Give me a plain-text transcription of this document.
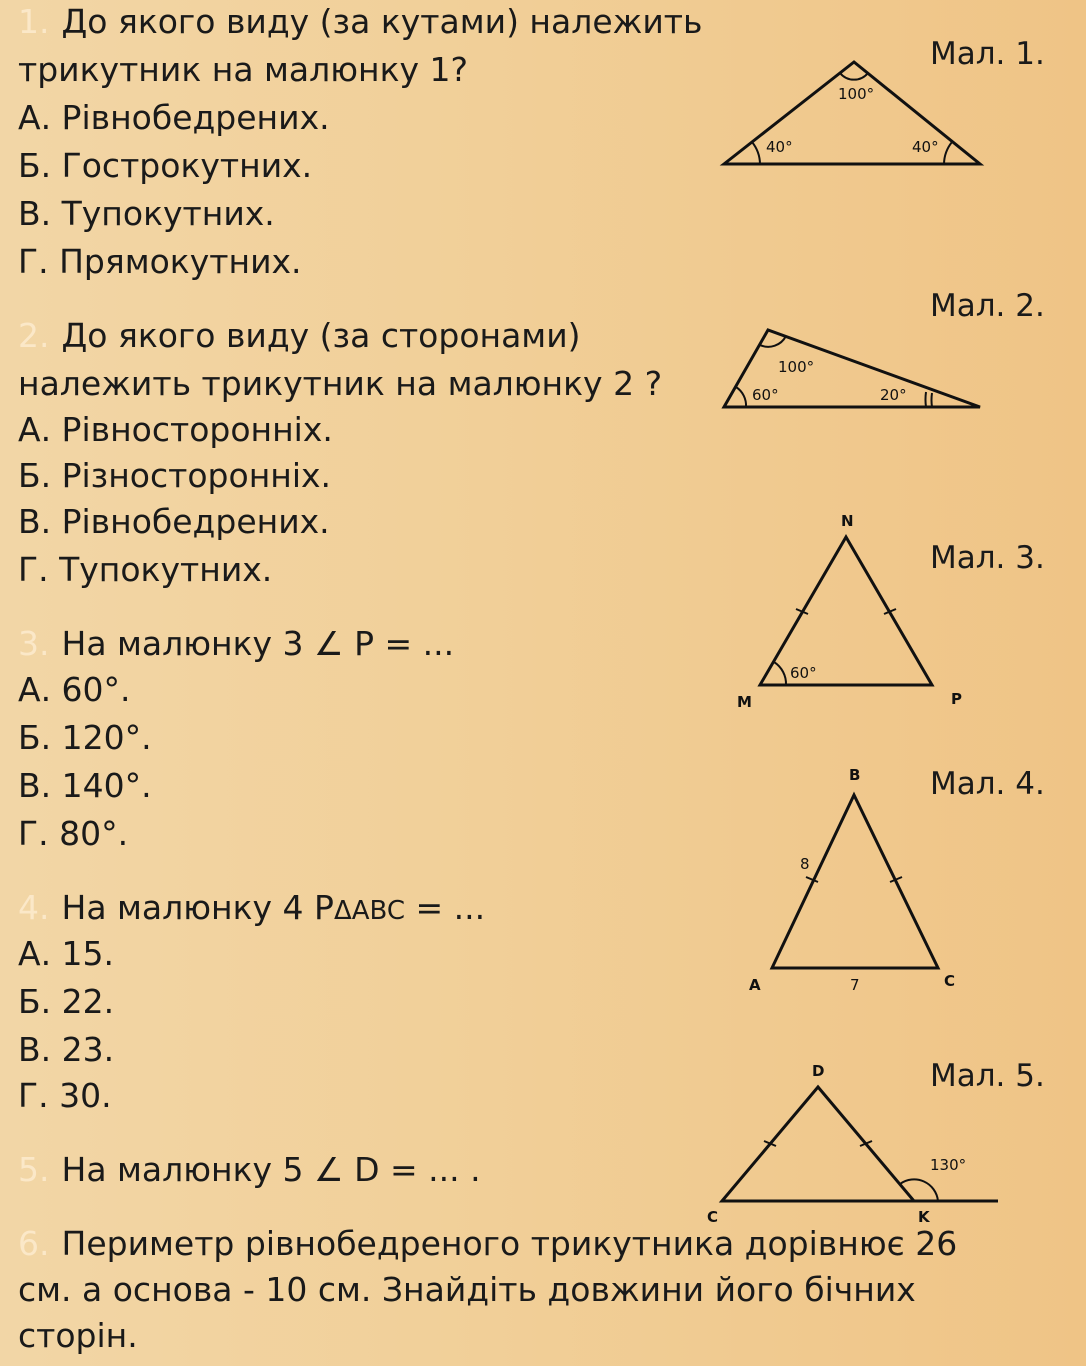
1. До якого виду (за кутами) належить
трикутник на малюнку 1?
А. Рівнобедрених.
Б. Гострокутних.
В. Тупокутних.
Г. Прямокутних.
2. До якого виду (за сторонами)
належить трикутник на малюнку 2 ?
А. Рівносторонніх.
Б. Різносторонніх.
В. Рівнобедрених.
Г. Тупокутних.
3. На малюнку 3 ∠ P = ...
А. 60°.
Б. 120°.
В. 140°.
Г. 80°.
4. На малюнку 4 PΔABC = ...
А. 15.
Б. 22.
В. 23.
Г. 30.
5. На малюнку 5 ∠ D = ... .
6. Периметр рівнобедреного трикутника дорівнює 26
см. а основа - 10 см. Знайдіть довжини його бічних
сторін.
Мал. 1.
Мал. 2.
Мал. 3.
Мал. 4.
Мал. 5.
100°
40°	40°
100°
60°	20°
60°
N
M	P
B
A	C
8
7
D
C	K
130°
